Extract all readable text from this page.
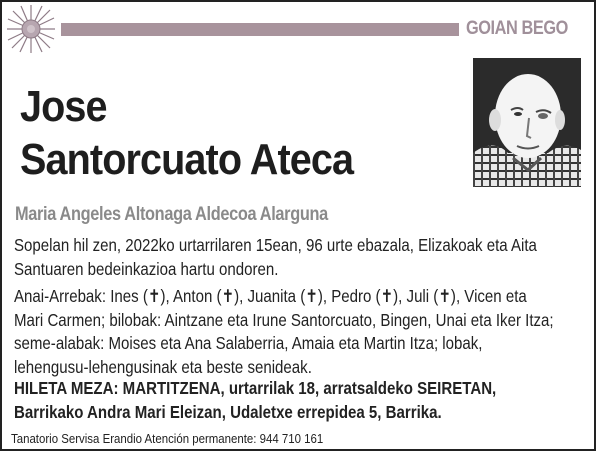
GOIAN BEGO
Jose
Santorcuato Ateca
Maria Angeles Altonaga Aldecoa Alarguna
Sopelan hil zen, 2022ko urtarrilaren 15ean, 96 urte ebazala, Elizakoak eta Aita
Santuaren bedeinkazioa hartu ondoren.
Anai-Arrebak: Ines (✝), Anton (✝), Juanita (✝), Pedro (✝), Juli (✝), Vicen eta
Mari Carmen; bilobak: Aintzane eta Irune Santorcuato, Bingen, Unai eta Iker Itza;
seme-alabak: Moises eta Ana Salaberria, Amaia eta Martin Itza; lobak,
lehengusu-lehengusinak eta beste senideak.
HILETA MEZA: MARTITZENA, urtarrilak 18, arratsaldeko SEIRETAN,
Barrikako Andra Mari Eleizan, Udaletxe errepidea 5, Barrika.
Tanatorio Servisa Erandio Atención permanente: 944 710 161
